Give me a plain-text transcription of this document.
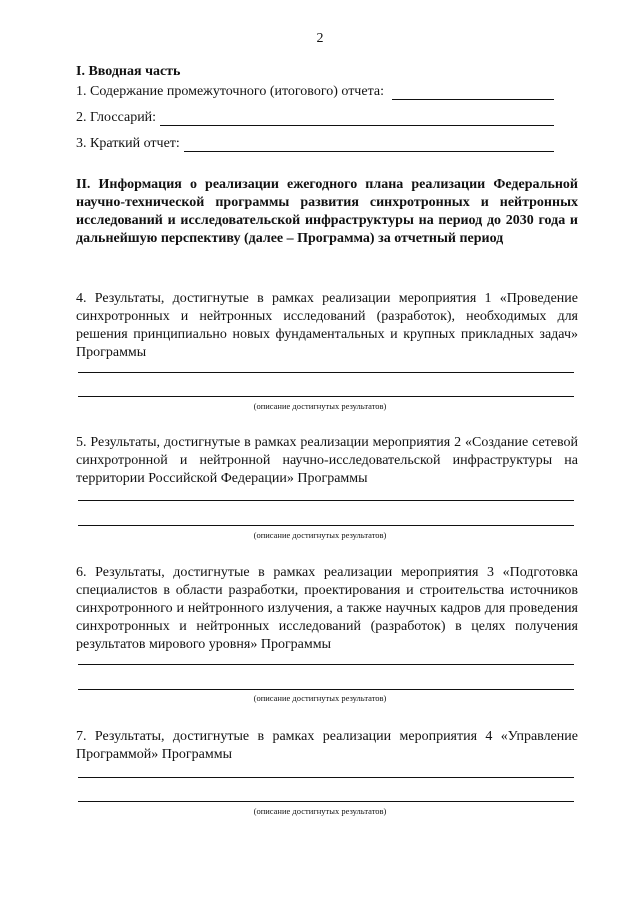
2
I. Вводная часть
1. Содержание промежуточного (итогового) отчета:
2. Глоссарий:
3. Краткий отчет:
II. Информация о реализации ежегодного плана реализации Федеральной научно-технической программы развития синхротронных и нейтронных исследований и исследовательской инфраструктуры на период до 2030 года и дальнейшую перспективу (далее – Программа) за отчетный период
4. Результаты, достигнутые в рамках реализации мероприятия 1 «Проведение синхротронных и нейтронных исследований (разработок), необходимых для решения принципиально новых фундаментальных и крупных прикладных задач» Программы
(описание достигнутых результатов)
5. Результаты, достигнутые в рамках реализации мероприятия 2 «Создание сетевой синхротронной и нейтронной научно-исследовательской инфраструктуры на территории Российской Федерации» Программы
(описание достигнутых результатов)
6. Результаты, достигнутые в рамках реализации мероприятия 3 «Подготовка специалистов в области разработки, проектирования и строительства источников синхротронного и нейтронного излучения, а также научных кадров для проведения синхротронных и нейтронных исследований (разработок) в целях получения результатов мирового уровня» Программы
(описание достигнутых результатов)
7. Результаты, достигнутые в рамках реализации мероприятия 4 «Управление Программой» Программы
(описание достигнутых результатов)
